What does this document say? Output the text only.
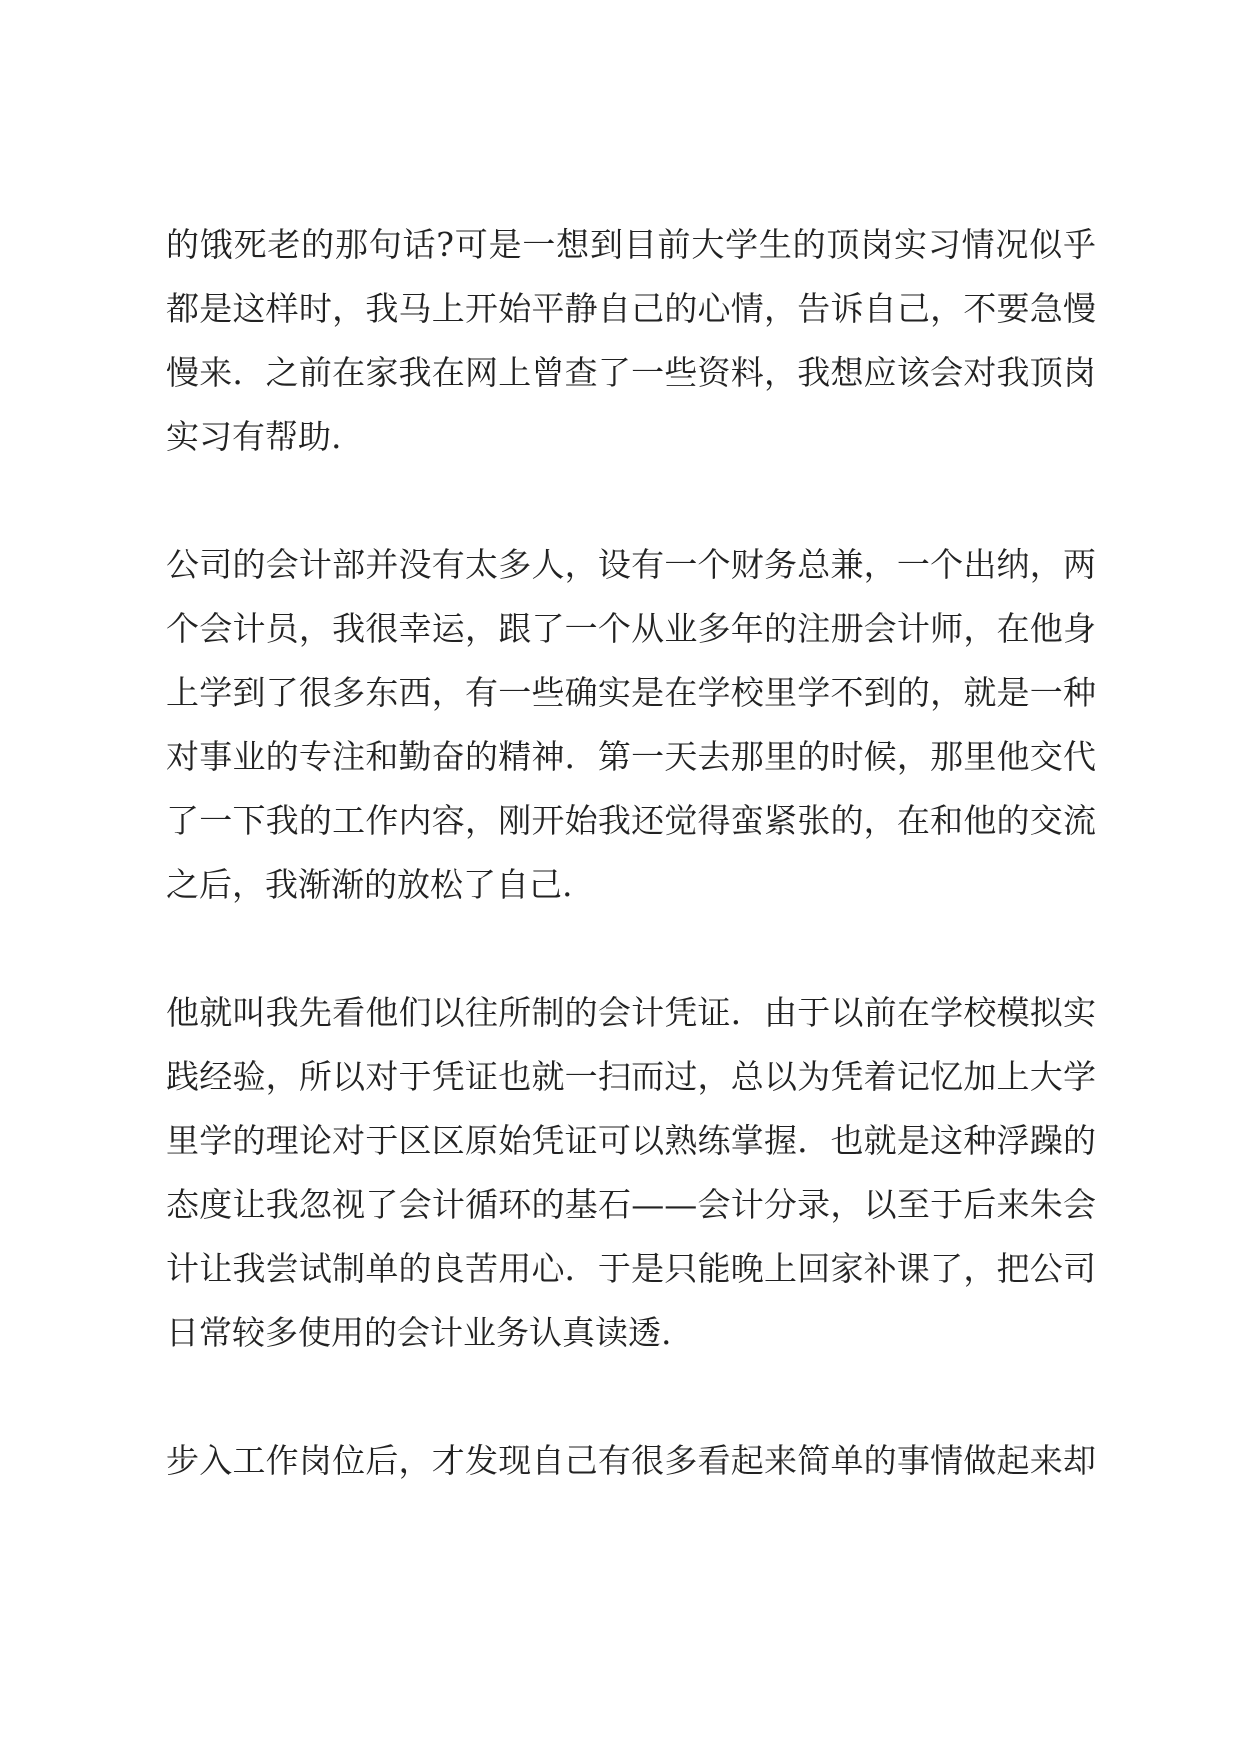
的饿死老的那句话?可是一想到目前大学生的顶岗实习情况似乎
都是这样时，我马上开始平静自己的心情，告诉自己，不要急慢
慢来．之前在家我在网上曾查了一些资料，我想应该会对我顶岗
实习有帮助.
公司的会计部并没有太多人，设有一个财务总兼，一个出纳，两
个会计员，我很幸运，跟了一个从业多年的注册会计师，在他身
上学到了很多东西，有一些确实是在学校里学不到的，就是一种
对事业的专注和勤奋的精神．第一天去那里的时候，那里他交代
了一下我的工作内容，刚开始我还觉得蛮紧张的，在和他的交流
之后，我渐渐的放松了自己.
他就叫我先看他们以往所制的会计凭证．由于以前在学校模拟实
践经验，所以对于凭证也就一扫而过，总以为凭着记忆加上大学
里学的理论对于区区原始凭证可以熟练掌握．也就是这种浮躁的
态度让我忽视了会计循环的基石——会计分录，以至于后来朱会
计让我尝试制单的良苦用心．于是只能晚上回家补课了，把公司
日常较多使用的会计业务认真读透.
步入工作岗位后，才发现自己有很多看起来简单的事情做起来却
